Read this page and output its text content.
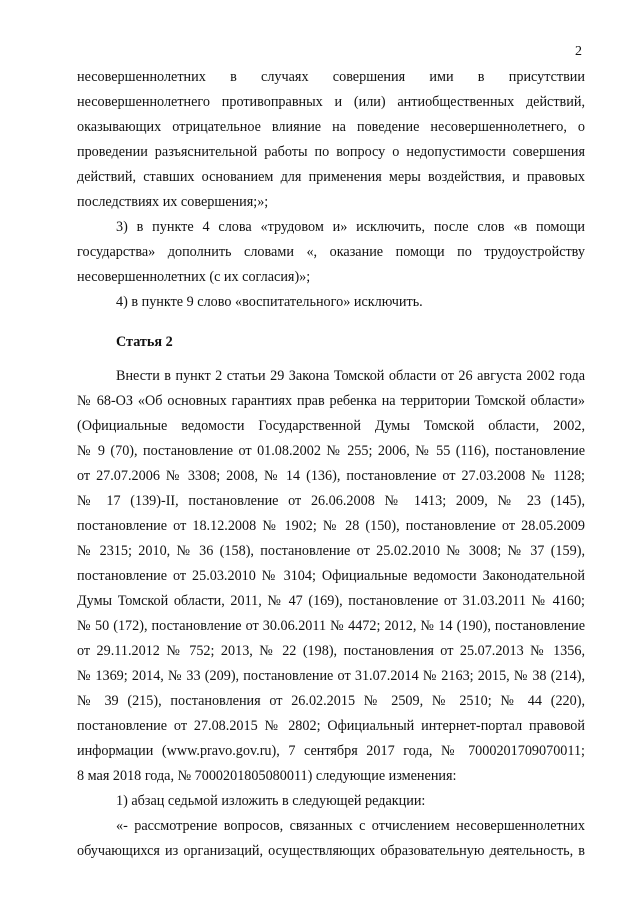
2
несовершеннолетних в случаях совершения ими в присутствии
несовершеннолетнего противоправных и (или) антиобщественных действий,
оказывающих отрицательное влияние на поведение несовершеннолетнего, о
проведении разъяснительной работы по вопросу о недопустимости совершения
действий, ставших основанием для применения меры воздействия, и правовых
последствиях их совершения;»;
3) в пункте 4 слова «трудовом и» исключить, после слов «в помощи
государства» дополнить словами «, оказание помощи по трудоустройству
несовершеннолетних (с их согласия)»;
4) в пункте 9 слово «воспитательного» исключить.
Внести в пункт 2 статьи 29 Закона Томской области от 26 августа 2002 года
№ 68-ОЗ «Об основных гарантиях прав ребенка на территории Томской области»
(Официальные ведомости Государственной Думы Томской области, 2002,
№ 9 (70), постановление от 01.08.2002 № 255; 2006, № 55 (116), постановление
от 27.07.2006 № 3308; 2008, № 14 (136), постановление от 27.03.2008 № 1128;
№ 17 (139)-II, постановление от 26.06.2008 № 1413; 2009, № 23 (145),
постановление от 18.12.2008 № 1902; № 28 (150), постановление от 28.05.2009
№ 2315; 2010, № 36 (158), постановление от 25.02.2010 № 3008; № 37 (159),
постановление от 25.03.2010 № 3104; Официальные ведомости Законодательной
Думы Томской области, 2011, № 47 (169), постановление от 31.03.2011 № 4160;
№ 50 (172), постановление от 30.06.2011 № 4472; 2012, № 14 (190), постановление
от 29.11.2012 № 752; 2013, № 22 (198), постановления от 25.07.2013 № 1356,
№ 1369; 2014, № 33 (209), постановление от 31.07.2014 № 2163; 2015, № 38 (214),
№ 39 (215), постановления от 26.02.2015 № 2509, № 2510; № 44 (220),
постановление от 27.08.2015 № 2802; Официальный интернет-портал правовой
информации (www.pravo.gov.ru), 7 сентября 2017 года, № 7000201709070011;
8 мая 2018 года, № 7000201805080011) следующие изменения:
1) абзац седьмой изложить в следующей редакции:
«- рассмотрение вопросов, связанных с отчислением несовершеннолетних
обучающихся из организаций, осуществляющих образовательную деятельность, в
Статья 2
